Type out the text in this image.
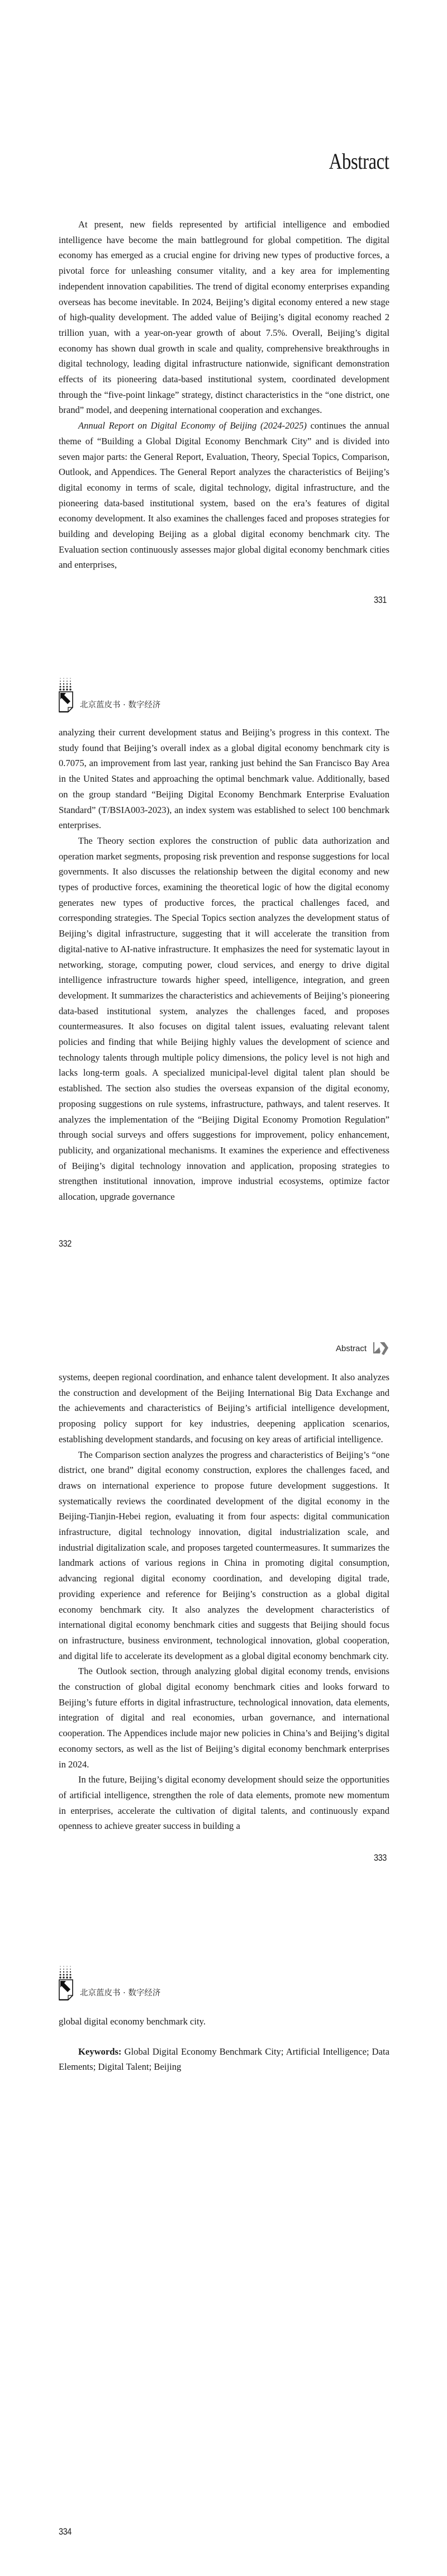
Abstract

At present, new fields represented by artificial intelligence and embodied intelligence have become the main battleground for global competition. The digital economy has emerged as a crucial engine for driving new types of productive forces, a pivotal force for unleashing consumer vitality, and a key area for implementing independent innovation capabilities. The trend of digital economy enterprises expanding overseas has become inevitable. In 2024, Beijing’s digital economy entered a new stage of high-quality development. The added value of Beijing’s digital economy reached 2 trillion yuan, with a year-on-year growth of about 7.5%. Overall, Beijing’s digital economy has shown dual growth in scale and quality, comprehensive breakthroughs in digital technology, leading digital infrastructure nationwide, significant demonstration effects of its pioneering data-based institutional system, coordinated development through the “five-point linkage” strategy, distinct characteristics in the “one district, one brand” model, and deepening international cooperation and exchanges.

Annual Report on Digital Economy of Beijing (2024-2025) continues the annual theme of “Building a Global Digital Economy Benchmark City” and is divided into seven major parts: the General Report, Evaluation, Theory, Special Topics, Comparison, Outlook, and Appendices. The General Report analyzes the characteristics of Beijing’s digital economy in terms of scale, digital technology, digital infrastructure, and the pioneering data-based institutional system, based on the era’s features of digital economy development. It also examines the challenges faced and proposes strategies for building and developing Beijing as a global digital economy benchmark city. The Evaluation section continuously assesses major global digital economy benchmark cities and enterprises,

331
北京蓝皮书 · 数字经济

analyzing their current development status and Beijing’s progress in this context. The study found that Beijing’s overall index as a global digital economy benchmark city is 0.7075, an improvement from last year, ranking just behind the San Francisco Bay Area in the United States and approaching the optimal benchmark value. Additionally, based on the group standard “Beijing Digital Economy Benchmark Enterprise Evaluation Standard” (T/BSIA003-2023), an index system was established to select 100 benchmark enterprises.

The Theory section explores the construction of public data authorization and operation market segments, proposing risk prevention and response suggestions for local governments. It also discusses the relationship between the digital economy and new types of productive forces, examining the theoretical logic of how the digital economy generates new types of productive forces, the practical challenges faced, and corresponding strategies. The Special Topics section analyzes the development status of Beijing’s digital infrastructure, suggesting that it will accelerate the transition from digital-native to AI-native infrastructure. It emphasizes the need for systematic layout in networking, storage, computing power, cloud services, and energy to drive digital intelligence infrastructure towards higher speed, intelligence, integration, and green development. It summarizes the characteristics and achievements of Beijing’s pioneering data-based institutional system, analyzes the challenges faced, and proposes countermeasures. It also focuses on digital talent issues, evaluating relevant talent policies and finding that while Beijing highly values the development of science and technology talents through multiple policy dimensions, the policy level is not high and lacks long-term goals. A specialized municipal-level digital talent plan should be established. The section also studies the overseas expansion of the digital economy, proposing suggestions on rule systems, infrastructure, pathways, and talent reserves. It analyzes the implementation of the “Beijing Digital Economy Promotion Regulation” through social surveys and offers suggestions for improvement, policy enhancement, publicity, and organizational mechanisms. It examines the experience and effectiveness of Beijing’s digital technology innovation and application, proposing strategies to strengthen institutional innovation, improve industrial ecosystems, optimize factor allocation, upgrade governance

332
Abstract

systems, deepen regional coordination, and enhance talent development. It also analyzes the construction and development of the Beijing International Big Data Exchange and the achievements and characteristics of Beijing’s artificial intelligence development, proposing policy support for key industries, deepening application scenarios, establishing development standards, and focusing on key areas of artificial intelligence.

The Comparison section analyzes the progress and characteristics of Beijing’s “one district, one brand” digital economy construction, explores the challenges faced, and draws on international experience to propose future development suggestions. It systematically reviews the coordinated development of the digital economy in the Beijing-Tianjin-Hebei region, evaluating it from four aspects: digital communication infrastructure, digital technology innovation, digital industrialization scale, and industrial digitalization scale, and proposes targeted countermeasures. It summarizes the landmark actions of various regions in China in promoting digital consumption, advancing regional digital economy coordination, and developing digital trade, providing experience and reference for Beijing’s construction as a global digital economy benchmark city. It also analyzes the development characteristics of international digital economy benchmark cities and suggests that Beijing should focus on infrastructure, business environment, technological innovation, global cooperation, and digital life to accelerate its development as a global digital economy benchmark city.

The Outlook section, through analyzing global digital economy trends, envisions the construction of global digital economy benchmark cities and looks forward to Beijing’s future efforts in digital infrastructure, technological innovation, data elements, integration of digital and real economies, urban governance, and international cooperation. The Appendices include major new policies in China’s and Beijing’s digital economy sectors, as well as the list of Beijing’s digital economy benchmark enterprises in 2024.

In the future, Beijing’s digital economy development should seize the opportunities of artificial intelligence, strengthen the role of data elements, promote new momentum in enterprises, accelerate the cultivation of digital talents, and continuously expand openness to achieve greater success in building a

333
北京蓝皮书 · 数字经济

global digital economy benchmark city.

Keywords: Global Digital Economy Benchmark City; Artificial Intelligence; Data Elements; Digital Talent; Beijing

334
